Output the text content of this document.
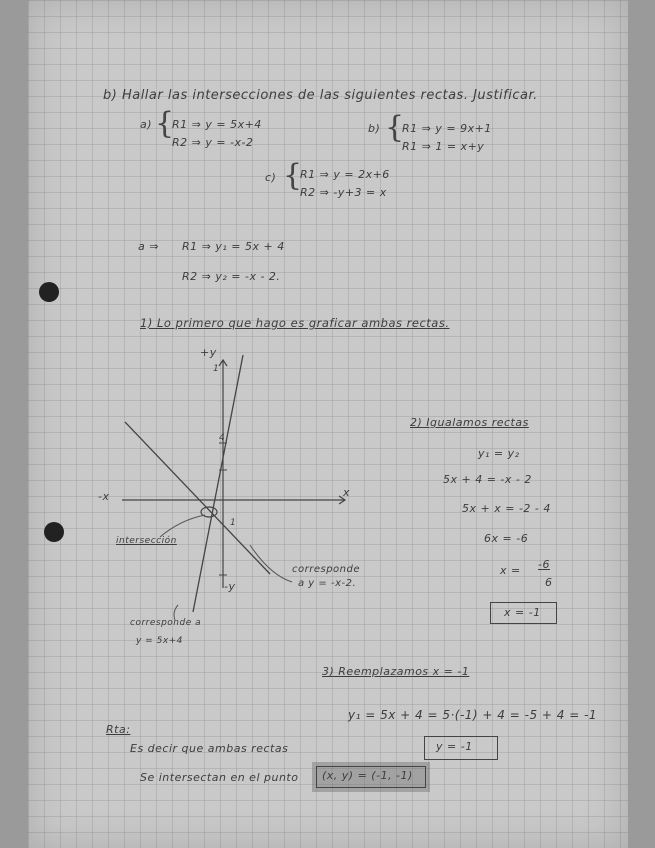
b) Hallar las intersecciones de las siguientes rectas. Justificar.
a) {
R1 ⇒ y = 5x+4
R2 ⇒ y = -x-2
b) {
R1 ⇒ y = 9x+1
R1 ⇒ 1 = x+y
c) {
R1 ⇒ y = 2x+6
R2 ⇒ -y+3 = x
a ⇒ R1 ⇒ y₁ = 5x + 4
R2 ⇒ y₂ = -x - 2.
1) Lo primero que hago es graficar ambas rectas.
+y
1
4
-x	x
1
-y
intersección
corresponde
a y = -x-2.
corresponde a
y = 5x+4
2) Igualamos rectas
y₁ = y₂
5x + 4 = -x - 2
5x + x = -2 - 4
6x = -6
x = -6
6
x = -1
3) Reemplazamos x = -1
y₁ = 5x + 4 = 5·(-1) + 4 = -5 + 4 = -1
Rta:
Es decir que ambas rectas	y = -1
Se intersectan en el punto (x, y) = (-1, -1)
